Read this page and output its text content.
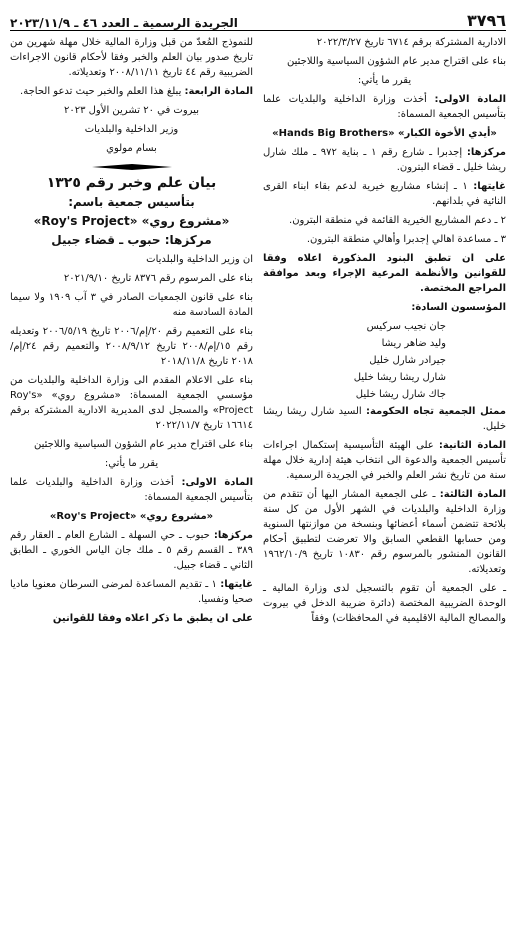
٣٧٩٦
الجريدة الرسمية ـ العدد ٤٦ ـ ٢٠٢٣/١١/٩

الادارية المشتركة برقم ٦٧١٤ تاريخ ٢٠٢٢/٣/٢٧

بناء على اقتراح مدير عام الشؤون السياسية واللاجئين

يقرر ما يأتي:

المادة الاولى: أخذت وزارة الداخلية والبلديات علما بتأسيس الجمعية المسماة:

«أيدي الأخوة الكبار» «Hands Big Brothers»

مركزها: إجدبرا ـ شارع رقم ١ ـ بناية ٩٧٢ ـ ملك شارل ريشا خليل ـ قضاء البترون.

غايتها: ١ ـ إنشاء مشاريع خيرية لدعم بقاء ابناء القرى النائية في بلدانهم.

٢ ـ دعم المشاريع الخيرية القائمة في منطقة البترون.

٣ ـ مساعدة اهالي إجدبرا وأهالي منطقة البترون.

على ان تطبق البنود المذكورة اعلاه وفقا للقوانين والأنظمة المرعية الإجراء وبعد موافقة المراجع المختصة.

المؤسسون السادة:

جان نجيب سركيس
وليد ضاهر ريشا
جيرادر شارل خليل
شارل ريشا ريشا خليل
جاك شارل ريشا خليل

ممثل الجمعية تجاه الحكومة: السيد شارل ريشا ريشا خليل.

المادة الثانية: على الهيئة التأسيسية إستكمال اجراءات تأسيس الجمعية والدعوة الى انتخاب هيئة إدارية خلال مهلة سنة من تاريخ نشر العلم والخبر في الجريدة الرسمية.

المادة الثالثة: ـ على الجمعية المشار اليها أن تتقدم من وزارة الداخلية والبلديات في الشهر الأول من كل سنة بلائحة تتضمن أسماء أعضائها وبنسخة من موازنتها السنوية ومن حسابها القطعي السابق والا تعرضت لتطبيق أحكام القانون المنشور بالمرسوم رقم ١٠٨٣٠ تاريخ ١٩٦٢/١٠/٩ وتعديلاته.

ـ على الجمعية أن تقوم بالتسجيل لدى وزارة المالية ـ الوحدة الضريبية المختصة (دائرة ضريبة الدخل في بيروت والمصالح المالية الاقليمية في المحافظات) وفقاً

للنموذج المُعدّ من قبل وزارة المالية خلال مهلة شهرين من تاريخ صدور بيان العلم والخبر وفقا لأحكام قانون الاجراءات الضريبية رقم ٤٤ تاريخ ٢٠٠٨/١١/١١ وتعديلاته.

المادة الرابعة: يبلغ هذا العلم والخبر حيث تدعو الحاجة.

بيروت في ٢٠ تشرين الأول ٢٠٢٣

وزير الداخلية والبلديات

بسام مولوي

بيان علم وخبر رقم ١٣٢٥

بتأسيس جمعية باسم:

«مشروع روي» «Roy's Project»

مركزها: حبوب ـ قضاء جبيل

ان وزير الداخلية والبلديات

بناء على المرسوم رقم ٨٣٧٦ تاريخ ٢٠٢١/٩/١٠

بناء على قانون الجمعيات الصادر في ٣ آب ١٩٠٩ ولا سيما المادة السادسة منه

بناء على التعميم رقم ٢٠/إم/٢٠٠٦ تاريخ ٢٠٠٦/٥/١٩ وتعديله رقم ١٥/إم/٢٠٠٨ تاريخ ٢٠٠٨/٩/١٢ والتعميم رقم ٢٤/إم/٢٠١٨ تاريخ ٢٠١٨/١١/٨

بناء على الاعلام المقدم الى وزارة الداخلية والبلديات من مؤسسي الجمعية المسماة: «مشروع روي» «Roy's Project» والمسجل لدى المديرية الادارية المشتركة برقم ١٦٦١٤ تاريخ ٢٠٢٢/١١/٧

بناء على اقتراح مدير عام الشؤون السياسية واللاجئين

يقرر ما يأتي:

المادة الاولى: أخذت وزارة الداخلية والبلديات علما بتأسيس الجمعية المسماة:

«مشروع روي» «Roy's Project»

مركزها: حبوب ـ حي السهلة ـ الشارع العام ـ العقار رقم ٣٨٩ ـ القسم رقم ٥ ـ ملك جان الياس الخوري ـ الطابق الثاني ـ قضاء جبيل.

غايتها: ١ ـ تقديم المساعدة لمرضى السرطان معنويا ماديا صحيا ونفسيا.

على ان يطبق ما ذكر اعلاه وفقا للقوانين
